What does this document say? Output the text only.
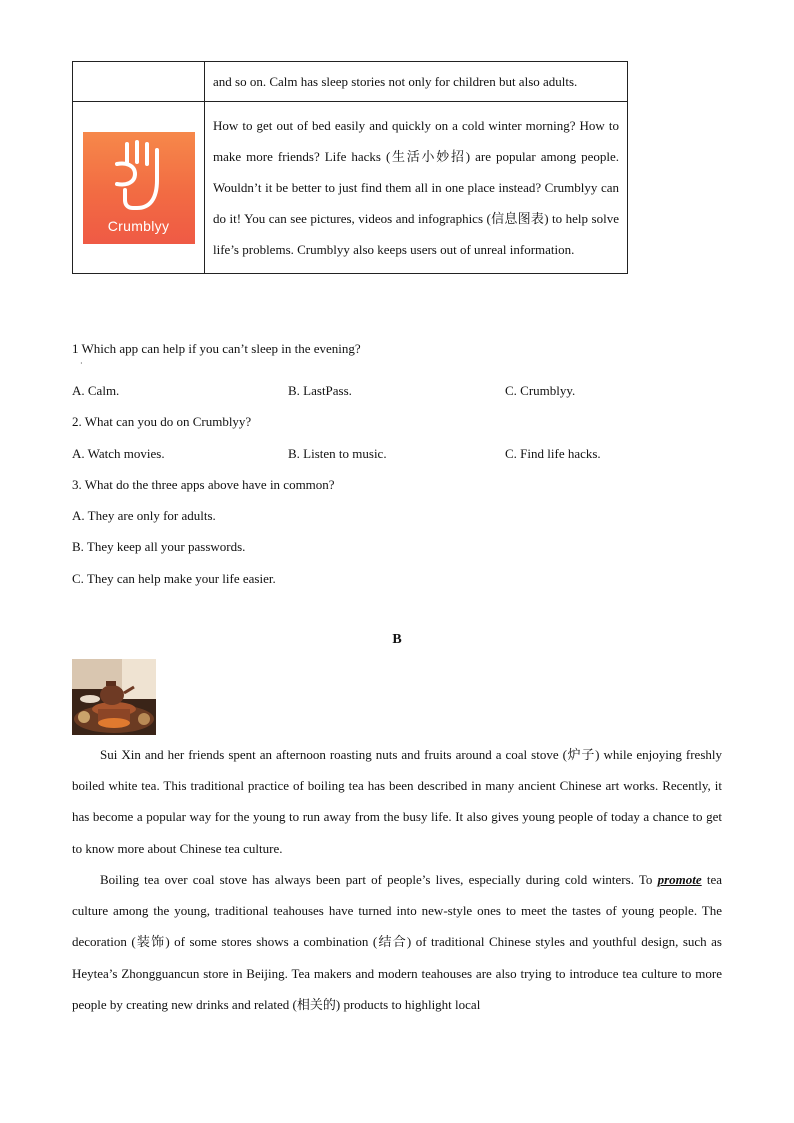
	and so on. Calm has sleep stories not only for children but also adults.

Crumblyy	How to get out of bed easily and quickly on a cold winter morning? How to make more friends? Life hacks (生活小妙招) are popular among people. Wouldn’t it be better to just find them all in one place instead? Crumblyy can do it! You can see pictures, videos and infographics (信息图表) to help solve life’s problems. Crumblyy also keeps users out of unreal information.
1 Which app can help if you can’t sleep in the evening?
·
A. Calm.	B. LastPass.	C. Crumblyy.
2. What can you do on Crumblyy?
A. Watch movies.	B. Listen to music.	C. Find life hacks.
3. What do the three apps above have in common?
A. They are only for adults.
B. They keep all your passwords.
C. They can help make your life easier.
B

Sui Xin and her friends spent an afternoon roasting nuts and fruits around a coal stove (炉子) while enjoying freshly boiled white tea. This traditional practice of boiling tea has been described in many ancient Chinese art works. Recently, it has become a popular way for the young to run away from the busy life. It also gives young people of today a chance to get to know more about Chinese tea culture.

Boiling tea over coal stove has always been part of people’s lives, especially during cold winters. To promote tea culture among the young, traditional teahouses have turned into new-style ones to meet the tastes of young people. The decoration (装饰) of some stores shows a combination (结合) of traditional Chinese styles and youthful design, such as Heytea’s Zhongguancun store in Beijing. Tea makers and modern teahouses are also trying to introduce tea culture to more people by creating new drinks and related (相关的) products to highlight local
